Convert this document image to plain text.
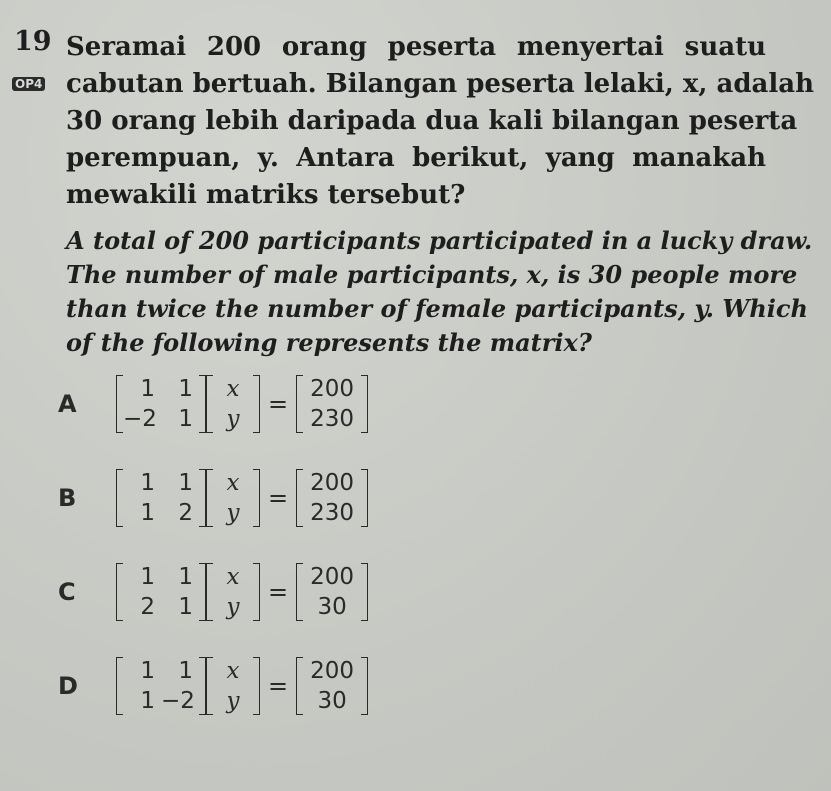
19
OP4
Seramai 200 orang peserta menyertai suatu
cabutan bertuah. Bilangan peserta lelaki, x, adalah
30 orang lebih daripada dua kali bilangan peserta
perempuan, y. Antara berikut, yang manakah
mewakili matriks tersebut?
A total of 200 participants participated in a lucky draw.
The number of male participants, x, is 30 people more
than twice the number of female participants, y. Which
of the following represents the matrix?
A
1	1
−2 1
x
y
=
200
230
B
1	1
1	2
x
y
=
200
230
C
1	1
2	1
x
y
=
200
30
D
1	1
1 −2
x
y
=
200
30
